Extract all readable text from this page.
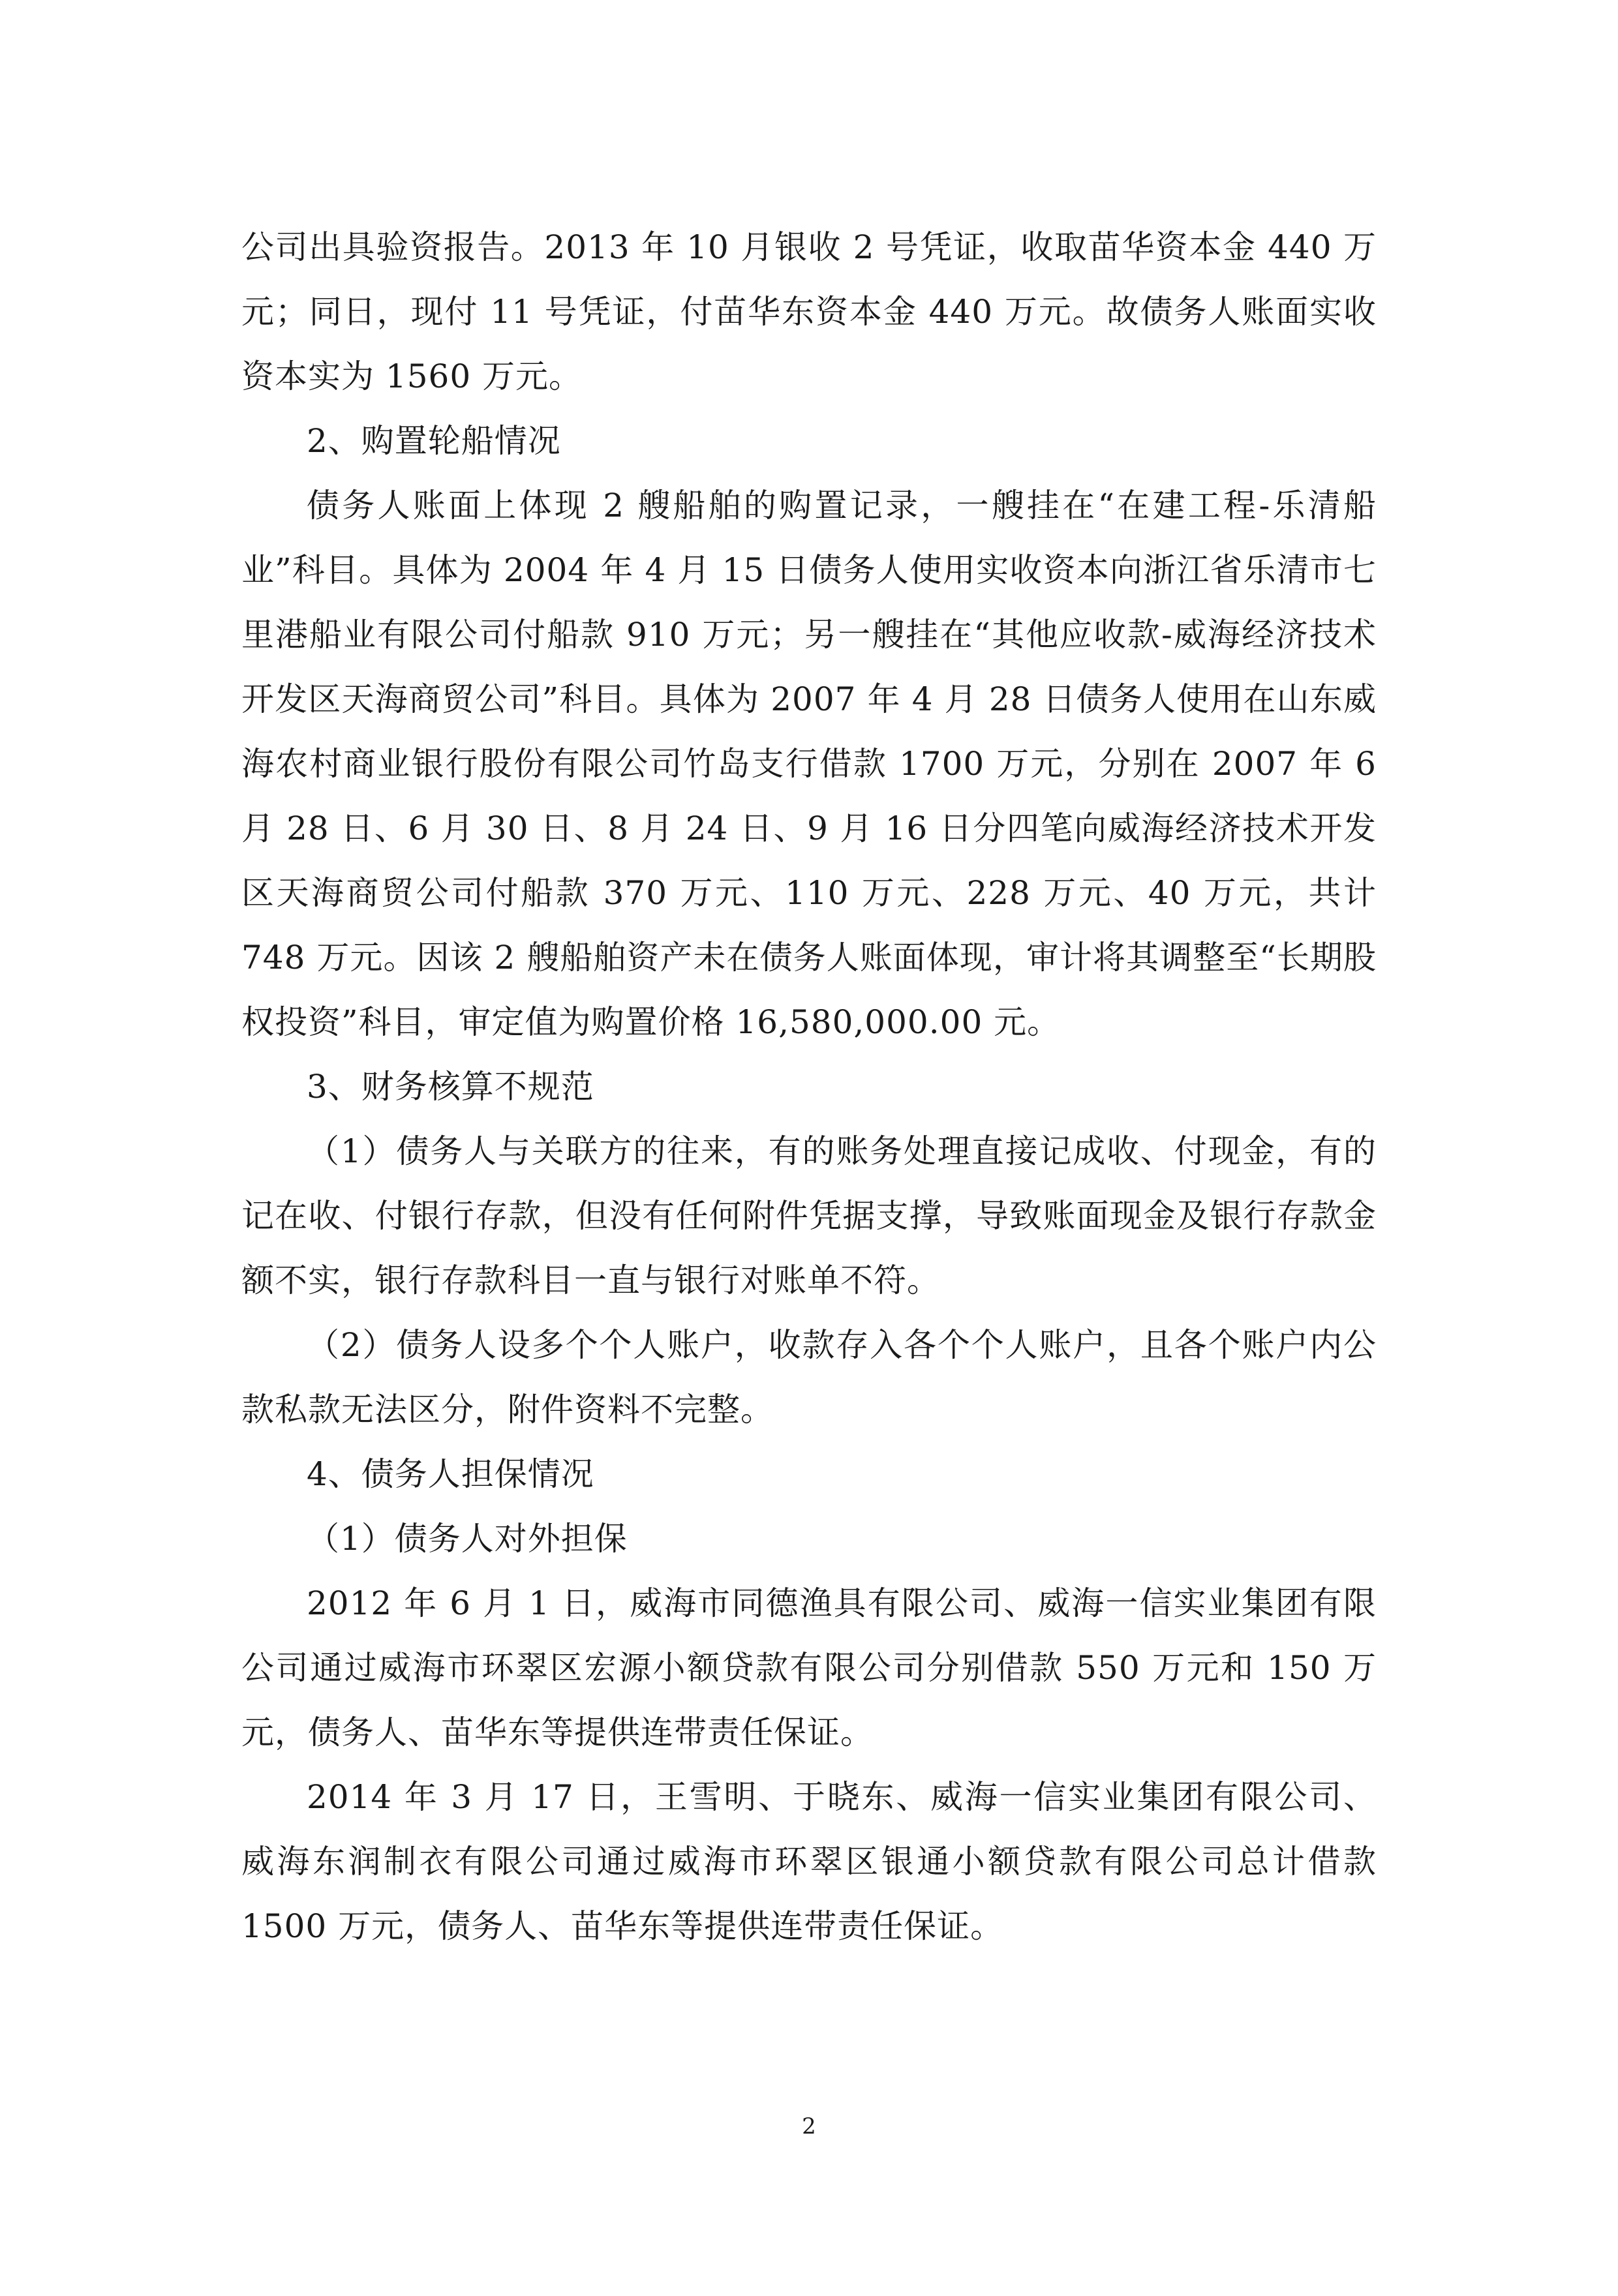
公司出具验资报告。2013 年 10 月银收 2 号凭证，收取苗华资本金 440 万元；同日，现付 11 号凭证，付苗华东资本金 440 万元。故债务人账面实收资本实为 1560 万元。

2、购置轮船情况

债务人账面上体现 2 艘船舶的购置记录，一艘挂在“在建工程-乐清船业”科目。具体为 2004 年 4 月 15 日债务人使用实收资本向浙江省乐清市七里港船业有限公司付船款 910 万元；另一艘挂在“其他应收款-威海经济技术开发区天海商贸公司”科目。具体为 2007 年 4 月 28 日债务人使用在山东威海农村商业银行股份有限公司竹岛支行借款 1700 万元，分别在 2007 年 6 月 28 日、6 月 30 日、8 月 24 日、9 月 16 日分四笔向威海经济技术开发区天海商贸公司付船款 370 万元、110 万元、228 万元、40 万元，共计 748 万元。因该 2 艘船舶资产未在债务人账面体现，审计将其调整至“长期股权投资”科目，审定值为购置价格 16,580,000.00 元。

3、财务核算不规范

（1）债务人与关联方的往来，有的账务处理直接记成收、付现金，有的记在收、付银行存款，但没有任何附件凭据支撑，导致账面现金及银行存款金额不实，银行存款科目一直与银行对账单不符。

（2）债务人设多个个人账户，收款存入各个个人账户，且各个账户内公款私款无法区分，附件资料不完整。

4、债务人担保情况

（1）债务人对外担保

2012 年 6 月 1 日，威海市同德渔具有限公司、威海一信实业集团有限公司通过威海市环翠区宏源小额贷款有限公司分别借款 550 万元和 150 万元，债务人、苗华东等提供连带责任保证。

2014 年 3 月 17 日，王雪明、于晓东、威海一信实业集团有限公司、威海东润制衣有限公司通过威海市环翠区银通小额贷款有限公司总计借款 1500 万元，债务人、苗华东等提供连带责任保证。

2
